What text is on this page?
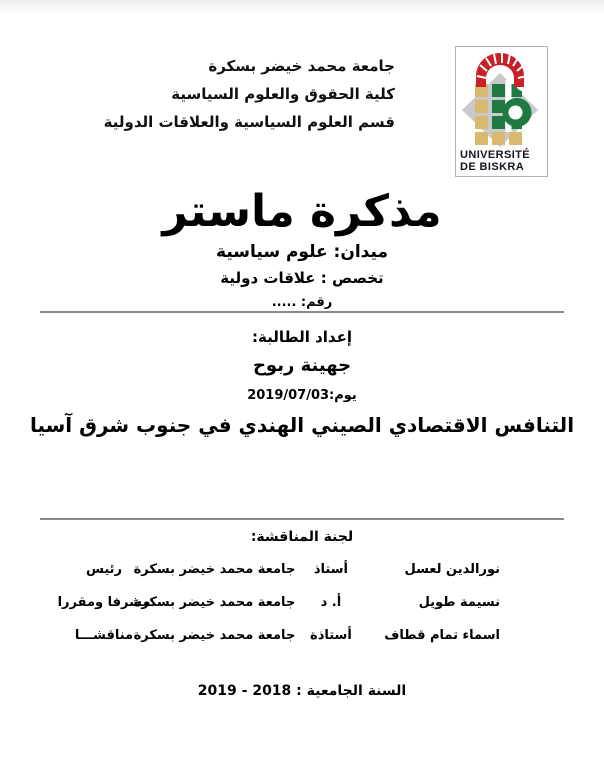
جامعة محمد خيضر بسكرة
كلية الحقوق والعلوم السياسية
قسم العلوم السياسية والعلاقات الدولية
UNIVERSITÉ
DE BISKRA
مذكرة ماستر
ميدان: علوم سياسية
تخصص : علاقات دولية
رقم: .....
إعداد الطالبة:
جهينة ربوح
يوم:2019/07/03
التنافس الاقتصادي الصيني الهندي في جنوب شرق آسيا
لجنة المناقشة:
نورالدين لعسل
أستاذ
جامعة محمد خيضر بسكرة
رئيس
نسيمة طويل
أ. د
جامعة محمد خيضر بسكرة
مشرفا ومقررا
اسماء تمام قطاف
أستاذة
جامعة محمد خيضر بسكرة
مناقشـــا
السنة الجامعية : 2018 - 2019
